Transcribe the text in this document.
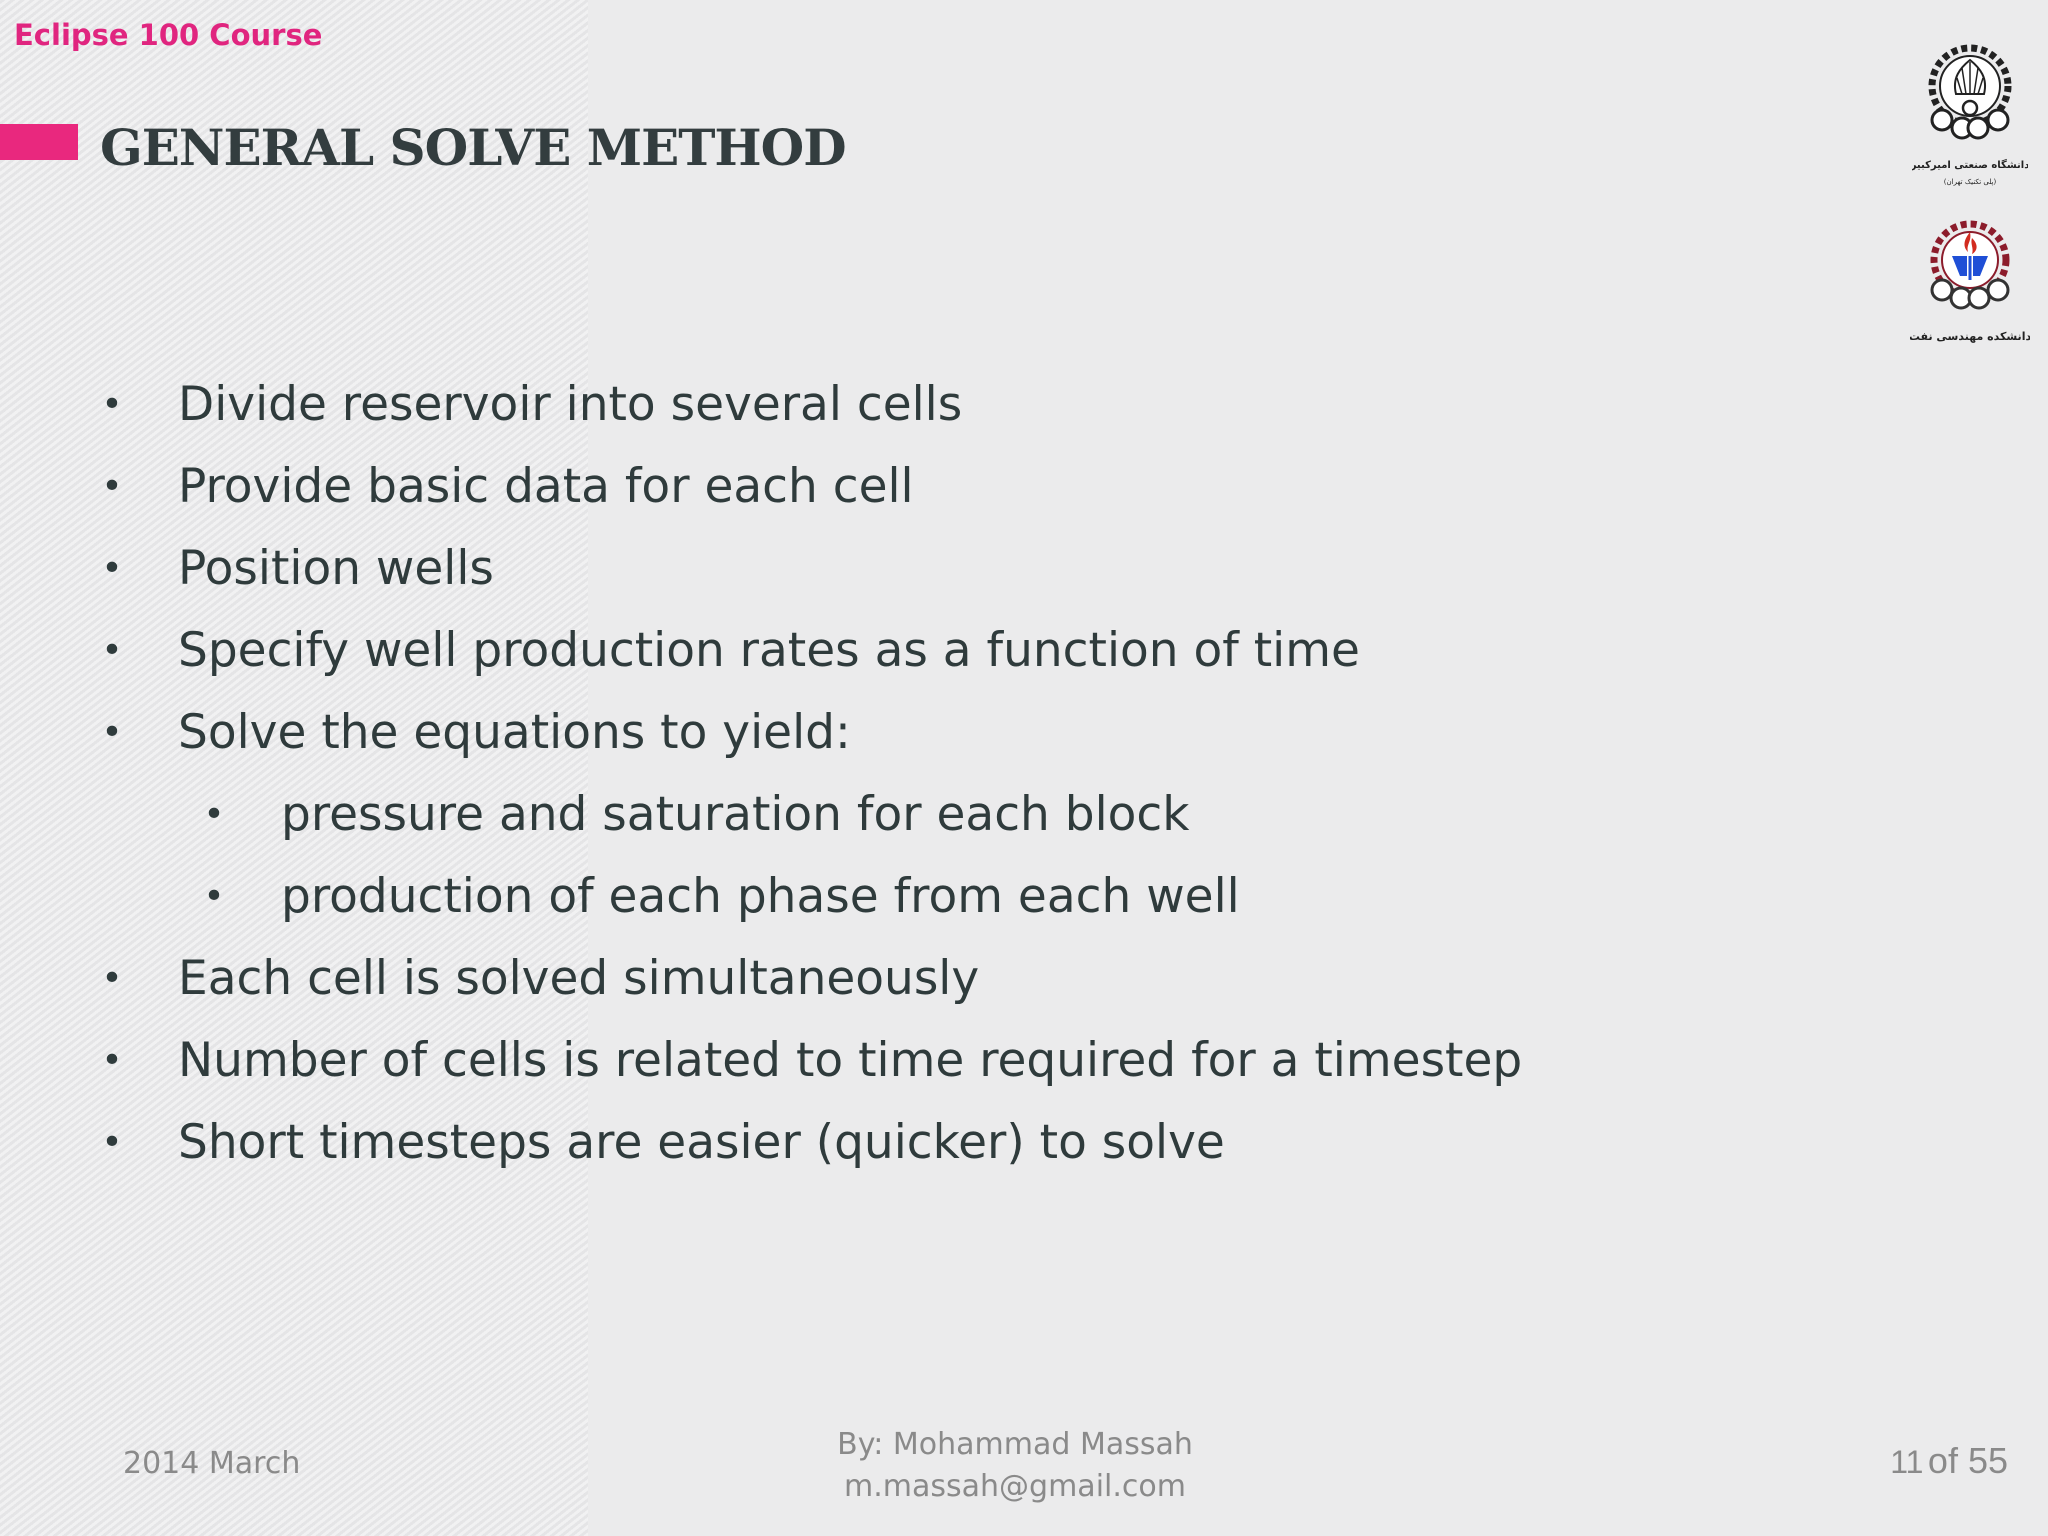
Eclipse 100 Course
GENERAL SOLVE METHOD	دانشگاه صنعتی امیرکبیر
(پلی تکنیک تهران)
دانشکده مهندسی نفت
• Divide reservoir into several cells
• Provide basic data for each cell
• Position wells
• Specify well production rates as a function of time
• Solve the equations to yield:
• pressure and saturation for each block
• production of each phase from each well
• Each cell is solved simultaneously
• Number of cells is related to time required for a timestep
• Short timesteps are easier (quicker) to solve
2014 March
By: Mohammad Massah
m.massah@gmail.com
11 of 55
